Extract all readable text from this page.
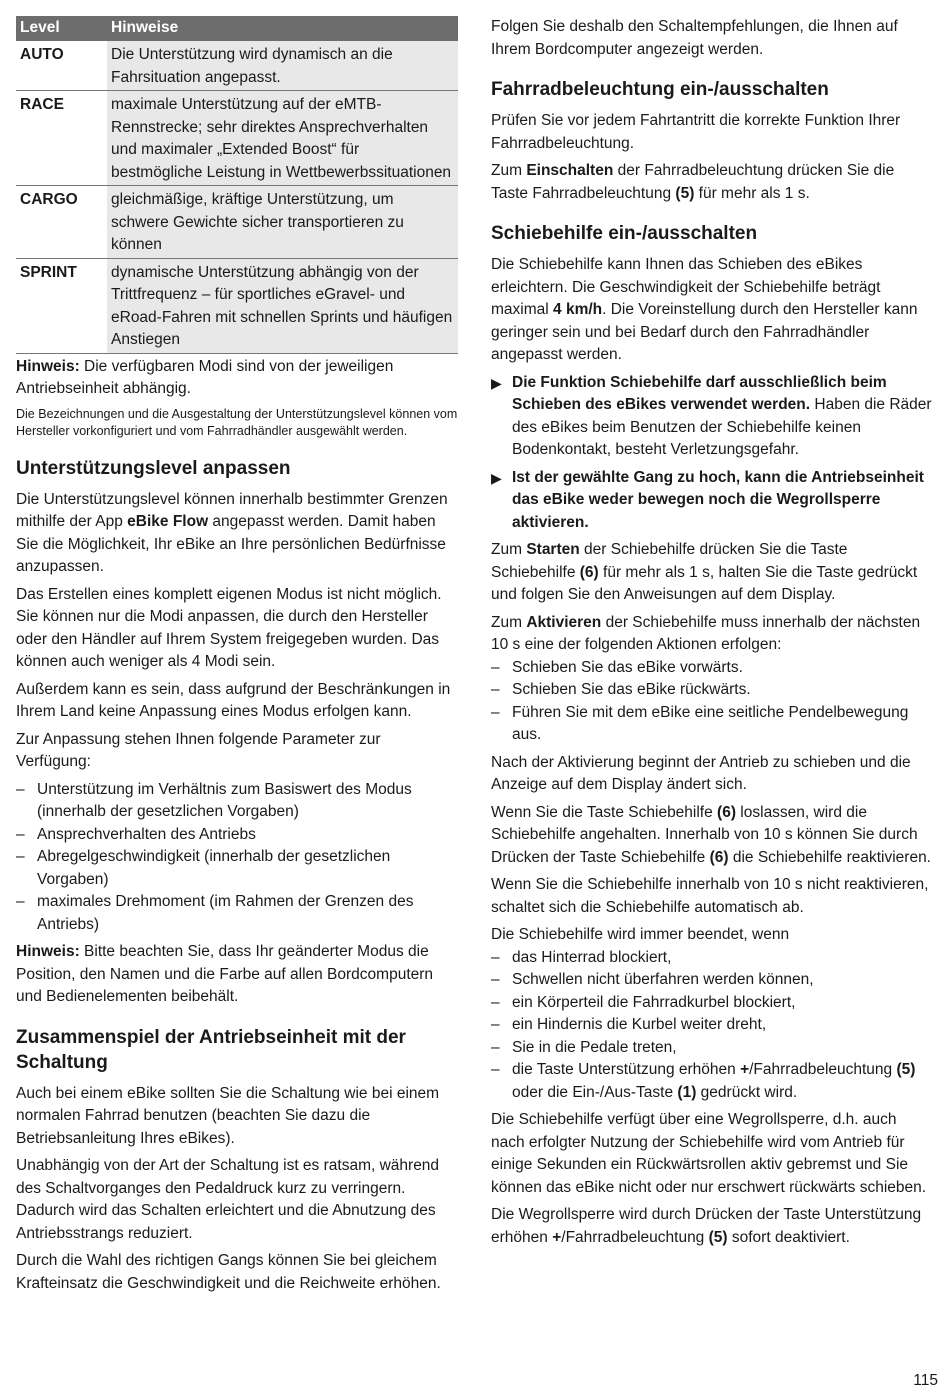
Level	Hinweise
AUTO	Die Unterstützung wird dynamisch an die Fahrsituation angepasst.
RACE	maximale Unterstützung auf der eMTB-Rennstrecke; sehr direktes Ansprechverhalten und maximaler „Extended Boost“ für bestmögliche Leistung in Wettbewerbssituationen
CARGO	gleichmäßige, kräftige Unterstützung, um schwere Gewichte sicher transportieren zu können
SPRINT	dynamische Unterstützung abhängig von der Trittfrequenz – für sportliches eGravel- und eRoad-Fahren mit schnellen Sprints und häufigen Anstiegen

Hinweis: Die verfügbaren Modi sind von der jeweiligen Antriebseinheit abhängig.

Die Bezeichnungen und die Ausgestaltung der Unterstützungslevel können vom Hersteller vorkonfiguriert und vom Fahrradhändler ausgewählt werden.

Unterstützungslevel anpassen

Die Unterstützungslevel können innerhalb bestimmter Grenzen mithilfe der App eBike Flow angepasst werden. Damit haben Sie die Möglichkeit, Ihr eBike an Ihre persönlichen Bedürfnisse anzupassen.

Das Erstellen eines komplett eigenen Modus ist nicht möglich. Sie können nur die Modi anpassen, die durch den Hersteller oder den Händler auf Ihrem System freigegeben wurden. Das können auch weniger als 4 Modi sein.

Außerdem kann es sein, dass aufgrund der Beschränkungen in Ihrem Land keine Anpassung eines Modus erfolgen kann.

Zur Anpassung stehen Ihnen folgende Parameter zur Verfügung:

– Unterstützung im Verhältnis zum Basiswert des Modus (innerhalb der gesetzlichen Vorgaben)
– Ansprechverhalten des Antriebs
– Abregelgeschwindigkeit (innerhalb der gesetzlichen Vorgaben)
– maximales Drehmoment (im Rahmen der Grenzen des Antriebs)

Hinweis: Bitte beachten Sie, dass Ihr geänderter Modus die Position, den Namen und die Farbe auf allen Bordcomputern und Bedienelementen beibehält.

Zusammenspiel der Antriebseinheit mit der Schaltung

Auch bei einem eBike sollten Sie die Schaltung wie bei einem normalen Fahrrad benutzen (beachten Sie dazu die Betriebsanleitung Ihres eBikes).

Unabhängig von der Art der Schaltung ist es ratsam, während des Schaltvorganges den Pedaldruck kurz zu verringern. Dadurch wird das Schalten erleichtert und die Abnutzung des Antriebsstrangs reduziert.

Durch die Wahl des richtigen Gangs können Sie bei gleichem Krafteinsatz die Geschwindigkeit und die Reichweite erhöhen.

Folgen Sie deshalb den Schaltempfehlungen, die Ihnen auf Ihrem Bordcomputer angezeigt werden.

Fahrradbeleuchtung ein-/ausschalten

Prüfen Sie vor jedem Fahrtantritt die korrekte Funktion Ihrer Fahrradbeleuchtung.

Zum Einschalten der Fahrradbeleuchtung drücken Sie die Taste Fahrradbeleuchtung (5) für mehr als 1 s.

Schiebehilfe ein-/ausschalten

Die Schiebehilfe kann Ihnen das Schieben des eBikes erleichtern. Die Geschwindigkeit der Schiebehilfe beträgt maximal 4 km/h. Die Voreinstellung durch den Hersteller kann geringer sein und bei Bedarf durch den Fahrradhändler angepasst werden.

▶ Die Funktion Schiebehilfe darf ausschließlich beim Schieben des eBikes verwendet werden. Haben die Räder des eBikes beim Benutzen der Schiebehilfe keinen Bodenkontakt, besteht Verletzungsgefahr.
▶ Ist der gewählte Gang zu hoch, kann die Antriebseinheit das eBike weder bewegen noch die Wegrollsperre aktivieren.

Zum Starten der Schiebehilfe drücken Sie die Taste Schiebehilfe (6) für mehr als 1 s, halten Sie die Taste gedrückt und folgen Sie den Anweisungen auf dem Display.

Zum Aktivieren der Schiebehilfe muss innerhalb der nächsten 10 s eine der folgenden Aktionen erfolgen:

– Schieben Sie das eBike vorwärts.
– Schieben Sie das eBike rückwärts.
– Führen Sie mit dem eBike eine seitliche Pendelbewegung aus.

Nach der Aktivierung beginnt der Antrieb zu schieben und die Anzeige auf dem Display ändert sich.

Wenn Sie die Taste Schiebehilfe (6) loslassen, wird die Schiebehilfe angehalten. Innerhalb von 10 s können Sie durch Drücken der Taste Schiebehilfe (6) die Schiebehilfe reaktivieren.

Wenn Sie die Schiebehilfe innerhalb von 10 s nicht reaktivieren, schaltet sich die Schiebehilfe automatisch ab.

Die Schiebehilfe wird immer beendet, wenn

– das Hinterrad blockiert,
– Schwellen nicht überfahren werden können,
– ein Körperteil die Fahrradkurbel blockiert,
– ein Hindernis die Kurbel weiter dreht,
– Sie in die Pedale treten,
– die Taste Unterstützung erhöhen +/Fahrradbeleuchtung (5) oder die Ein-/Aus-Taste (1) gedrückt wird.

Die Schiebehilfe verfügt über eine Wegrollsperre, d.h. auch nach erfolgter Nutzung der Schiebehilfe wird vom Antrieb für einige Sekunden ein Rückwärtsrollen aktiv gebremst und Sie können das eBike nicht oder nur erschwert rückwärts schieben.

Die Wegrollsperre wird durch Drücken der Taste Unterstützung erhöhen +/Fahrradbeleuchtung (5) sofort deaktiviert.

115
